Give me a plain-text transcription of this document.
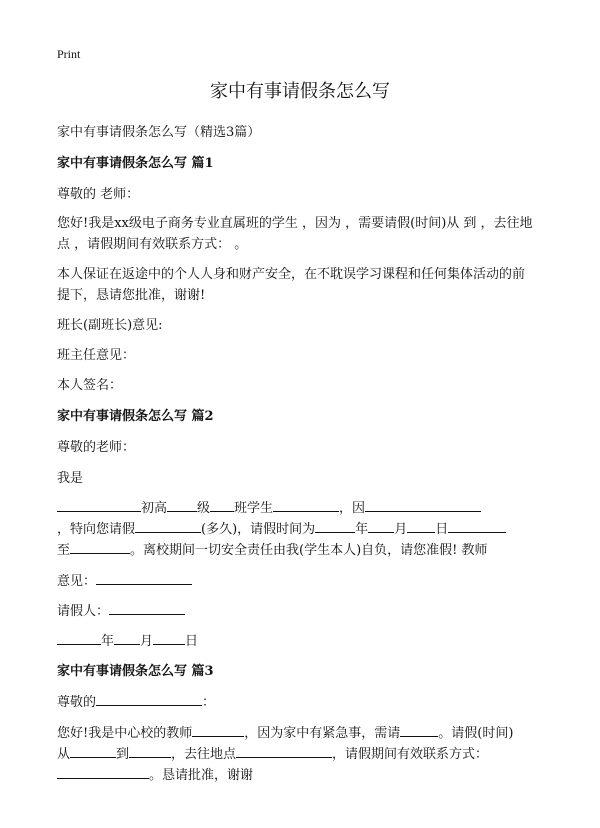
Print
家中有事请假条怎么写
家中有事请假条怎么写（精选3篇）
家中有事请假条怎么写 篇1
尊敬的 老师：
您好!我是xx级电子商务专业直属班的学生 ，因为 ，需要请假(时间)从 到 ，去往地
点 ，请假期间有效联系方式： 。
本人保证在返途中的个人人身和财产安全，在不耽误学习课程和任何集体活动的前
提下，恳请您批准，谢谢!
班长(副班长)意见:
班主任意见：
本人签名：
家中有事请假条怎么写 篇2
尊敬的老师：
我是
初高 级 班学生	，因
，特向您请假	(多久)，请假时间为	年 月 日
至	。离校期间一切安全责任由我(学生本人)自负，请您准假! 教师
意见：
请假人：
年 月 日
家中有事请假条怎么写 篇3
尊敬的	：
您好!我是中心校的教师	，因为家中有紧急事，需请	。请假(时间)
从	到	，去往地点	，请假期间有效联系方式：
。恳请批准，谢谢
